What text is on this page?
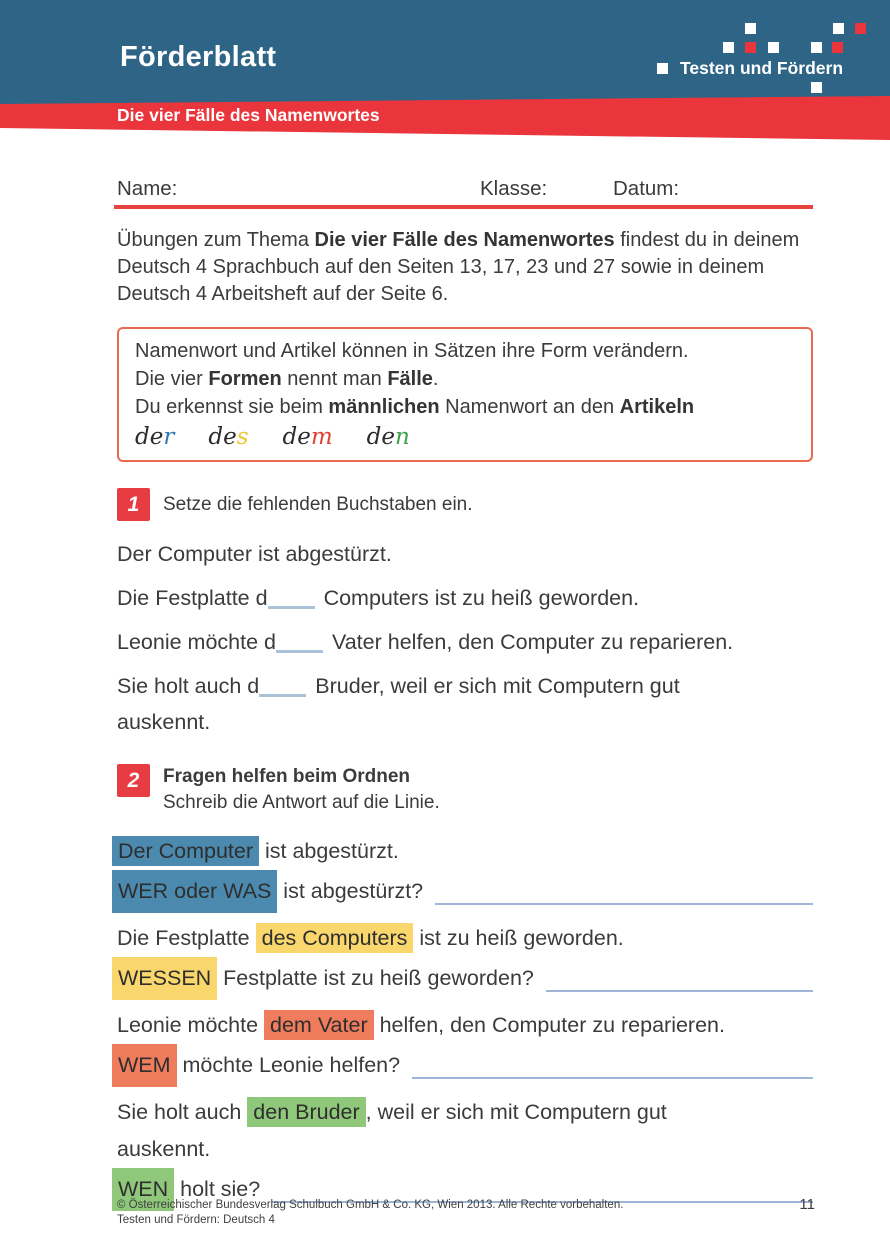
Förderblatt	Testen und Fördern
Die vier Fälle des Namenwortes
Name:	Klasse:	Datum:

Übungen zum Thema Die vier Fälle des Namenwortes findest du in deinem Deutsch 4 Sprachbuch auf den Seiten 13, 17, 23 und 27 sowie in deinem Deutsch 4 Arbeitsheft auf der Seite 6.

Namenwort und Artikel können in Sätzen ihre Form verändern.
Die vier Formen nennt man Fälle.
Du erkennst sie beim männlichen Namenwort an den Artikeln
der des dem den
1	Setze die fehlenden Buchstaben ein.

Der Computer ist abgestürzt.

Die Festplatte d	Computers ist zu heiß geworden.

Leonie möchte d	Vater helfen, den Computer zu reparieren.

Sie holt auch d	Bruder, weil er sich mit Computern gut auskennt.

2	Fragen helfen beim Ordnen
Schreib die Antwort auf die Linie.

Der Computer ist abgestürzt.

WER oder WAS ist abgestürzt?

Die Festplatte des Computers ist zu heiß geworden.

WESSEN Festplatte ist zu heiß geworden?

Leonie möchte dem Vater helfen, den Computer zu reparieren.

WEM möchte Leonie helfen?

Sie holt auch den Bruder , weil er sich mit Computern gut auskennt.

WEN holt sie?

© Österreichischer Bundesverlag Schulbuch GmbH & Co. KG, Wien 2013. Alle Rechte vorbehalten.
Testen und Fördern: Deutsch 4
11
